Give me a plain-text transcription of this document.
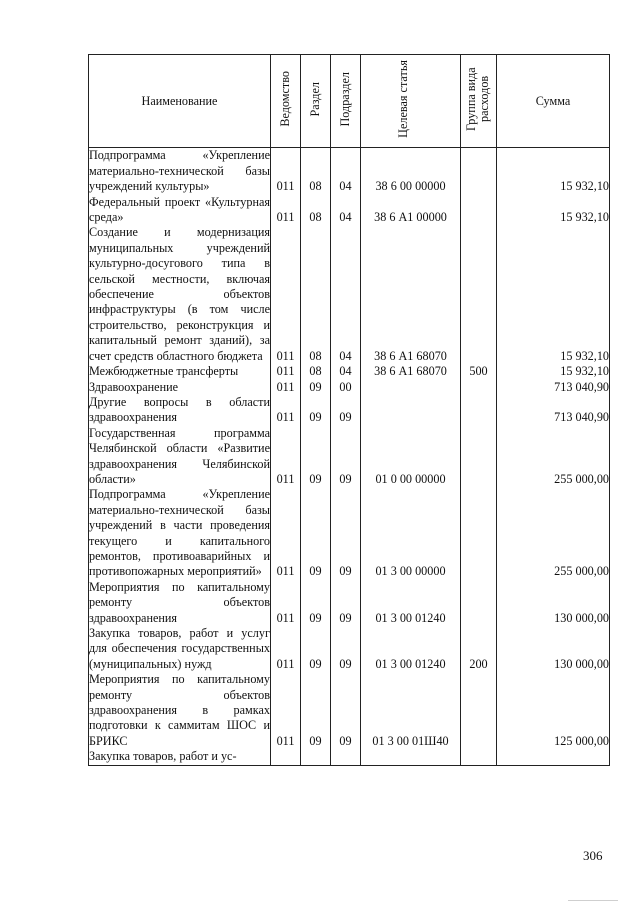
Наименование	Ведомство	Раздел	Подраздел	Целевая статья	Группа вида расходов	Сумма
Подпрограмма «Укрепление материально-технической базы учреждений культуры»	011	08	04	38 6 00 00000		15 932,10
Федеральный проект «Культурная среда»	011	08	04	38 6 А1 00000		15 932,10
Создание и модернизация муниципальных учреждений культурно-досугового типа в сельской местности, включая обеспечение объектов инфраструктуры (в том числе строительство, реконструкция и капитальный ремонт зданий), за счет средств областного бюджета	011	08	04	38 6 А1 68070		15 932,10
Межбюджетные трансферты	011	08	04	38 6 А1 68070	500	15 932,10
Здравоохранение	011	09	00			713 040,90
Другие вопросы в области здравоохранения	011	09	09			713 040,90
Государственная программа Челябинской области «Развитие здравоохранения Челябинской области»	011	09	09	01 0 00 00000		255 000,00
Подпрограмма «Укрепление материально-технической базы учреждений в части проведения текущего и капитального ремонтов, противоаварийных и противопожарных мероприятий»	011	09	09	01 3 00 00000		255 000,00
Мероприятия по капитальному ремонту объектов здравоохранения	011	09	09	01 3 00 01240		130 000,00
Закупка товаров, работ и услуг для обеспечения государственных (муниципальных) нужд	011	09	09	01 3 00 01240	200	130 000,00
Мероприятия по капитальному ремонту объектов здравоохранения в рамках подготовки к саммитам ШОС и БРИКС	011	09	09	01 3 00 01Ш40		125 000,00
Закупка товаров, работ и ус-						
306
